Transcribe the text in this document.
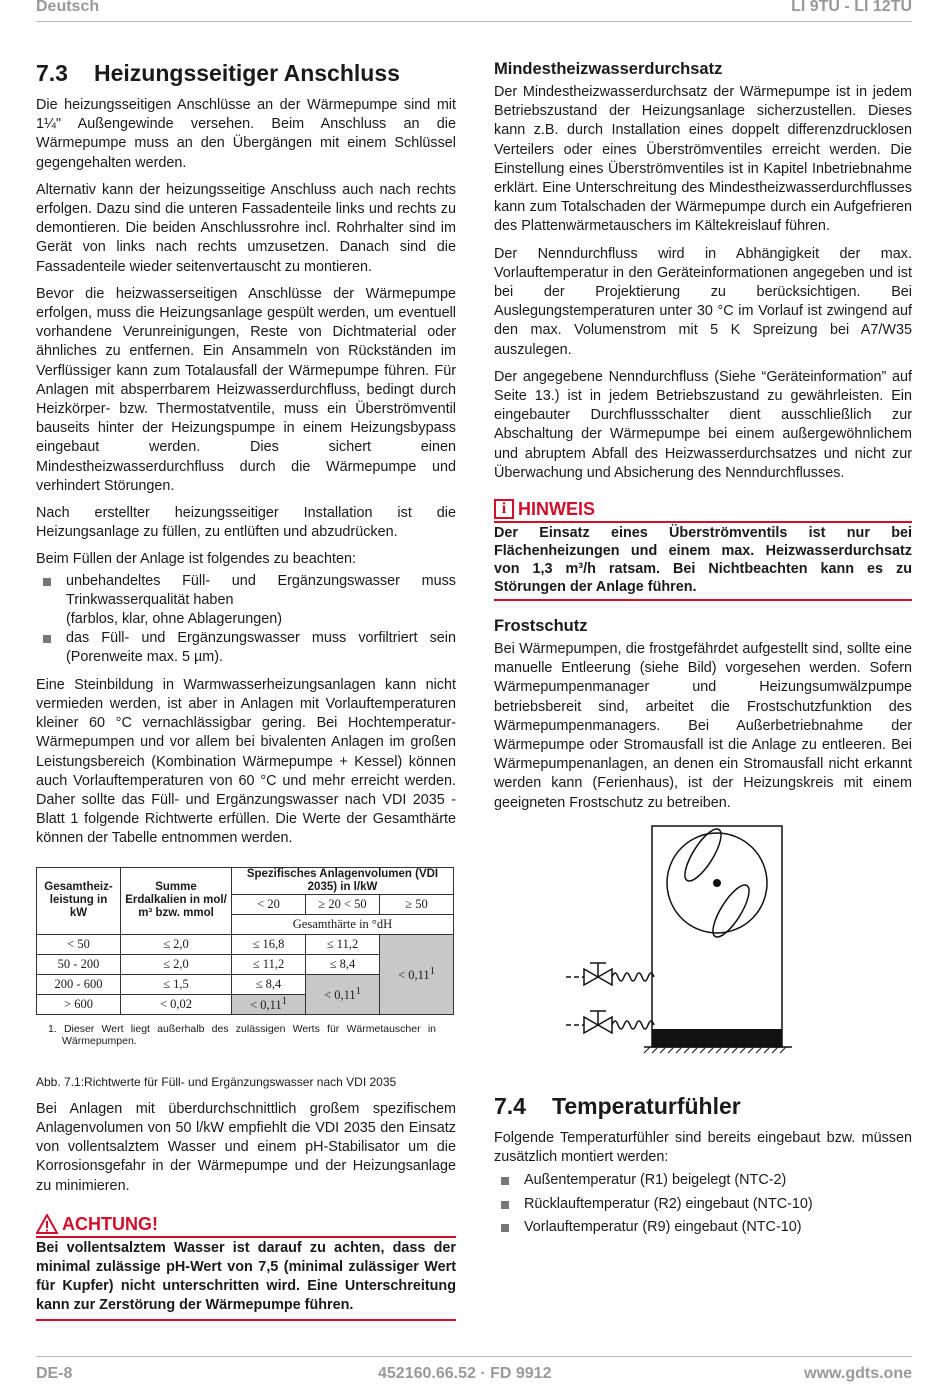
Deutsch	LI 9TU - LI 12TU
7.3 Heizungsseitiger Anschluss

Die heizungsseitigen Anschlüsse an der Wärmepumpe sind mit 1¼" Außengewinde versehen. Beim Anschluss an die Wärmepumpe muss an den Übergängen mit einem Schlüssel gegengehalten werden.

Alternativ kann der heizungsseitige Anschluss auch nach rechts erfolgen. Dazu sind die unteren Fassadenteile links und rechts zu demontieren. Die beiden Anschlussrohre incl. Rohrhalter sind im Gerät von links nach rechts umzusetzen. Danach sind die Fassadenteile wieder seitenvertauscht zu montieren.

Bevor die heizwasserseitigen Anschlüsse der Wärmepumpe erfolgen, muss die Heizungsanlage gespült werden, um eventuell vorhandene Verunreinigungen, Reste von Dichtmaterial oder ähnliches zu entfernen. Ein Ansammeln von Rückständen im Verflüssiger kann zum Totalausfall der Wärmepumpe führen. Für Anlagen mit absperrbarem Heizwasserdurchfluss, bedingt durch Heizkörper- bzw. Thermostatventile, muss ein Überströmventil bauseits hinter der Heizungspumpe in einem Heizungsbypass eingebaut werden. Dies sichert einen Mindestheizwasserdurchfluss durch die Wärmepumpe und verhindert Störungen.

Nach erstellter heizungsseitiger Installation ist die Heizungsanlage zu füllen, zu entlüften und abzudrücken.

Beim Füllen der Anlage ist folgendes zu beachten:

unbehandeltes Füll- und Ergänzungswasser muss Trinkwasserqualität haben
(farblos, klar, ohne Ablagerungen)
das Füll- und Ergänzungswasser muss vorfiltriert sein (Porenweite max. 5 µm).

Eine Steinbildung in Warmwasserheizungsanlagen kann nicht vermieden werden, ist aber in Anlagen mit Vorlauftemperaturen kleiner 60 °C vernachlässigbar gering. Bei Hochtemperatur-Wärmepumpen und vor allem bei bivalenten Anlagen im großen Leistungsbereich (Kombination Wärmepumpe + Kessel) können auch Vorlauftemperaturen von 60 °C und mehr erreicht werden. Daher sollte das Füll- und Ergänzungswasser nach VDI 2035 - Blatt 1 folgende Richtwerte erfüllen. Die Werte der Gesamthärte können der Tabelle entnommen werden.

Gesamtheiz-leistung in kW	Summe Erdalkalien in mol/ m³ bzw. mmol	Spezifisches Anlagenvolumen (VDI 2035) in l/kW		
		< 20	≥ 20 < 50	≥ 50
		Gesamthärte in °dH		
< 50	≤ 2,0	≤ 16,8	≤ 11,2	< $0,11^1$
50 - 200	≤ 2,0	≤ 11,2	≤ 8,4	
200 - 600	≤ 1,5	≤ 8,4	< $0,11^1$
> 600	< 0,02	< $0,11^1$

1. Dieser Wert liegt außerhalb des zulässigen Werts für Wärmetauscher in Wärmepumpen.

Abb. 7.1:Richtwerte für Füll- und Ergänzungswasser nach VDI 2035

Bei Anlagen mit überdurchschnittlich großem spezifischem Anlagenvolumen von 50 l/kW empfiehlt die VDI 2035 den Einsatz von vollentsalztem Wasser und einem pH-Stabilisator um die Korrosionsgefahr in der Wärmepumpe und der Heizungsanlage zu minimieren.

ACHTUNG!
Bei vollentsalztem Wasser ist darauf zu achten, dass der minimal zulässige pH-Wert von 7,5 (minimal zulässiger Wert für Kupfer) nicht unterschritten wird. Eine Unterschreitung kann zur Zerstörung der Wärmepumpe führen.
Mindestheizwasserdurchsatz

Der Mindestheizwasserdurchsatz der Wärmepumpe ist in jedem Betriebszustand der Heizungsanlage sicherzustellen. Dieses kann z.B. durch Installation eines doppelt differenzdrucklosen Verteilers oder eines Überströmventiles erreicht werden. Die Einstellung eines Überströmventiles ist in Kapitel Inbetriebnahme erklärt. Eine Unterschreitung des Mindestheizwasserdurchflusses kann zum Totalschaden der Wärmepumpe durch ein Aufgefrieren des Plattenwärmetauschers im Kältekreislauf führen.

Der Nenndurchfluss wird in Abhängigkeit der max. Vorlauftemperatur in den Geräteinformationen angegeben und ist bei der Projektierung zu berücksichtigen. Bei Auslegungstemperaturen unter 30 °C im Vorlauf ist zwingend auf den max. Volumenstrom mit 5 K Spreizung bei A7/W35 auszulegen.

Der angegebene Nenndurchfluss (Siehe “Geräteinformation” auf Seite 13.) ist in jedem Betriebszustand zu gewährleisten. Ein eingebauter Durchflussschalter dient ausschließlich zur Abschaltung der Wärmepumpe bei einem außergewöhnlichem und abruptem Abfall des Heizwasserdurchsatzes und nicht zur Überwachung und Absicherung des Nenndurchflusses.

i HINWEIS
Der Einsatz eines Überströmventils ist nur bei Flächenheizungen und einem max. Heizwasserdurchsatz von 1,3 m³/h ratsam. Bei Nichtbeachten kann es zu Störungen der Anlage führen.
Frostschutz

Bei Wärmepumpen, die frostgefährdet aufgestellt sind, sollte eine manuelle Entleerung (siehe Bild) vorgesehen werden. Sofern Wärmepumpenmanager und Heizungsumwälzpumpe betriebsbereit sind, arbeitet die Frostschutzfunktion des Wärmepumpenmanagers. Bei Außerbetriebnahme der Wärmepumpe oder Stromausfall ist die Anlage zu entleeren. Bei Wärmepumpenanlagen, an denen ein Stromausfall nicht erkannt werden kann (Ferienhaus), ist der Heizungskreis mit einem geeigneten Frostschutz zu betreiben.

7.4 Temperaturfühler

Folgende Temperaturfühler sind bereits eingebaut bzw. müssen zusätzlich montiert werden:

Außentemperatur (R1) beigelegt (NTC-2)
Rücklauftemperatur (R2) eingebaut (NTC-10)
Vorlauftemperatur (R9) eingebaut (NTC-10)
DE-8	452160.66.52 · FD 9912	www.gdts.one
